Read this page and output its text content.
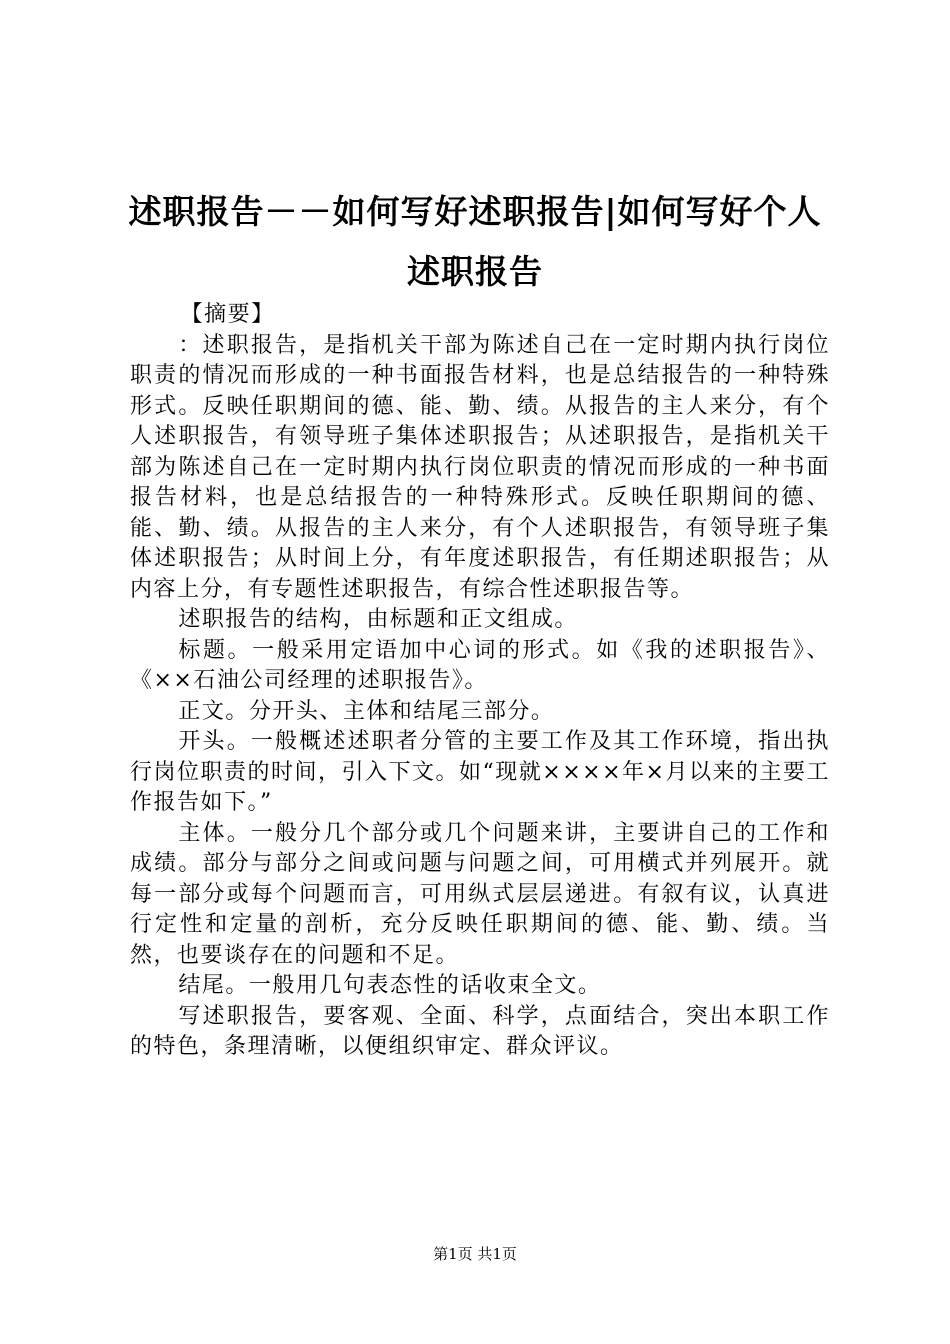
述职报告－－如何写好述职报告|如何写好个人述职报告

【摘要】

：述职报告，是指机关干部为陈述自己在一定时期内执行岗位职责的情况而形成的一种书面报告材料，也是总结报告的一种特殊形式。反映任职期间的德、能、勤、绩。从报告的主人来分，有个人述职报告，有领导班子集体述职报告；从述职报告，是指机关干部为陈述自己在一定时期内执行岗位职责的情况而形成的一种书面报告材料，也是总结报告的一种特殊形式。反映任职期间的德、能、勤、绩。从报告的主人来分，有个人述职报告，有领导班子集体述职报告；从时间上分，有年度述职报告，有任期述职报告；从内容上分，有专题性述职报告，有综合性述职报告等。

述职报告的结构，由标题和正文组成。

标题。一般采用定语加中心词的形式。如《我的述职报告》、《××石油公司经理的述职报告》。

正文。分开头、主体和结尾三部分。

开头。一般概述述职者分管的主要工作及其工作环境，指出执行岗位职责的时间，引入下文。如“现就××××年×月以来的主要工作报告如下。”

主体。一般分几个部分或几个问题来讲，主要讲自己的工作和成绩。部分与部分之间或问题与问题之间，可用横式并列展开。就每一部分或每个问题而言，可用纵式层层递进。有叙有议，认真进行定性和定量的剖析，充分反映任职期间的德、能、勤、绩。当然，也要谈存在的问题和不足。

结尾。一般用几句表态性的话收束全文。

写述职报告，要客观、全面、科学，点面结合，突出本职工作的特色，条理清晰，以便组织审定、群众评议。

第1页 共1页
